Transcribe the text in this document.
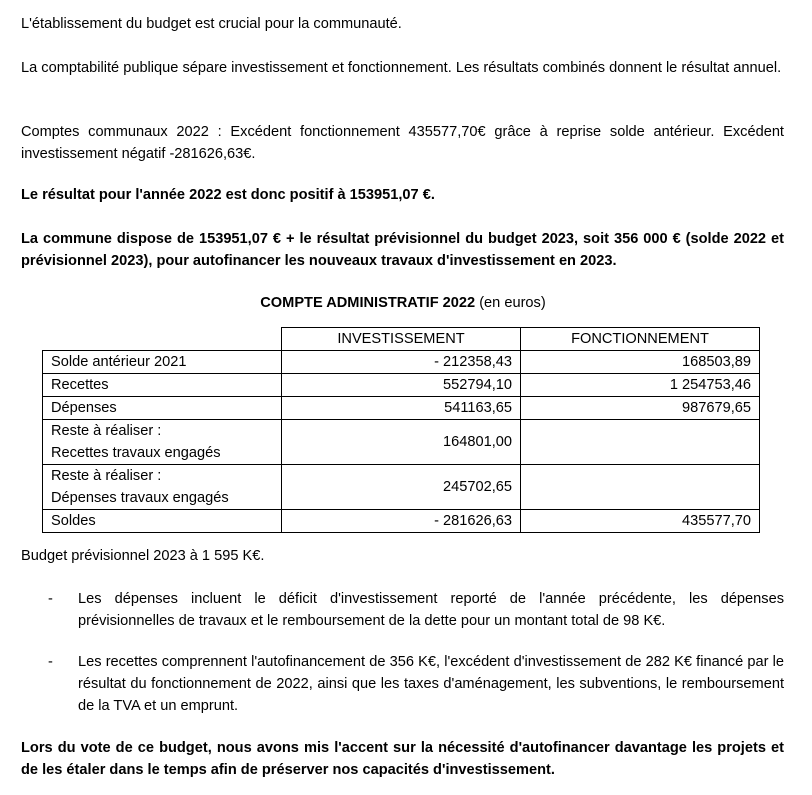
L'établissement du budget est crucial pour la communauté.

La comptabilité publique sépare investissement et fonctionnement. Les résultats combinés donnent le résultat annuel.

Comptes communaux 2022 : Excédent fonctionnement 435577,70€ grâce à reprise solde antérieur. Excédent investissement négatif -281626,63€.

Le résultat pour l'année 2022 est donc positif à 153951,07 €.

La commune dispose de 153951,07 € + le résultat prévisionnel du budget 2023, soit 356 000 € (solde 2022 et prévisionnel 2023), pour autofinancer les nouveaux travaux d'investissement en 2023.

COMPTE ADMINISTRATIF 2022 (en euros)
	INVESTISSEMENT	FONCTIONNEMENT
Solde antérieur 2021	- 212358,43	168503,89
Recettes	552794,10	1 254753,46
Dépenses	541163,65	987679,65

Reste à réaliser :
Recettes travaux engagés	164801,00	

Reste à réaliser :
Dépenses travaux engagés	245702,65	
Soldes	- 281626,63	435577,70

Budget prévisionnel 2023 à 1 595 K€.

- Les dépenses incluent le déficit d'investissement reporté de l'année précédente, les dépenses prévisionnelles de travaux et le remboursement de la dette pour un montant total de 98 K€.
- Les recettes comprennent l'autofinancement de 356 K€, l'excédent d'investissement de 282 K€ financé par le résultat du fonctionnement de 2022, ainsi que les taxes d'aménagement, les subventions, le remboursement de la TVA et un emprunt.

Lors du vote de ce budget, nous avons mis l'accent sur la nécessité d'autofinancer davantage les projets et de les étaler dans le temps afin de préserver nos capacités d'investissement.
